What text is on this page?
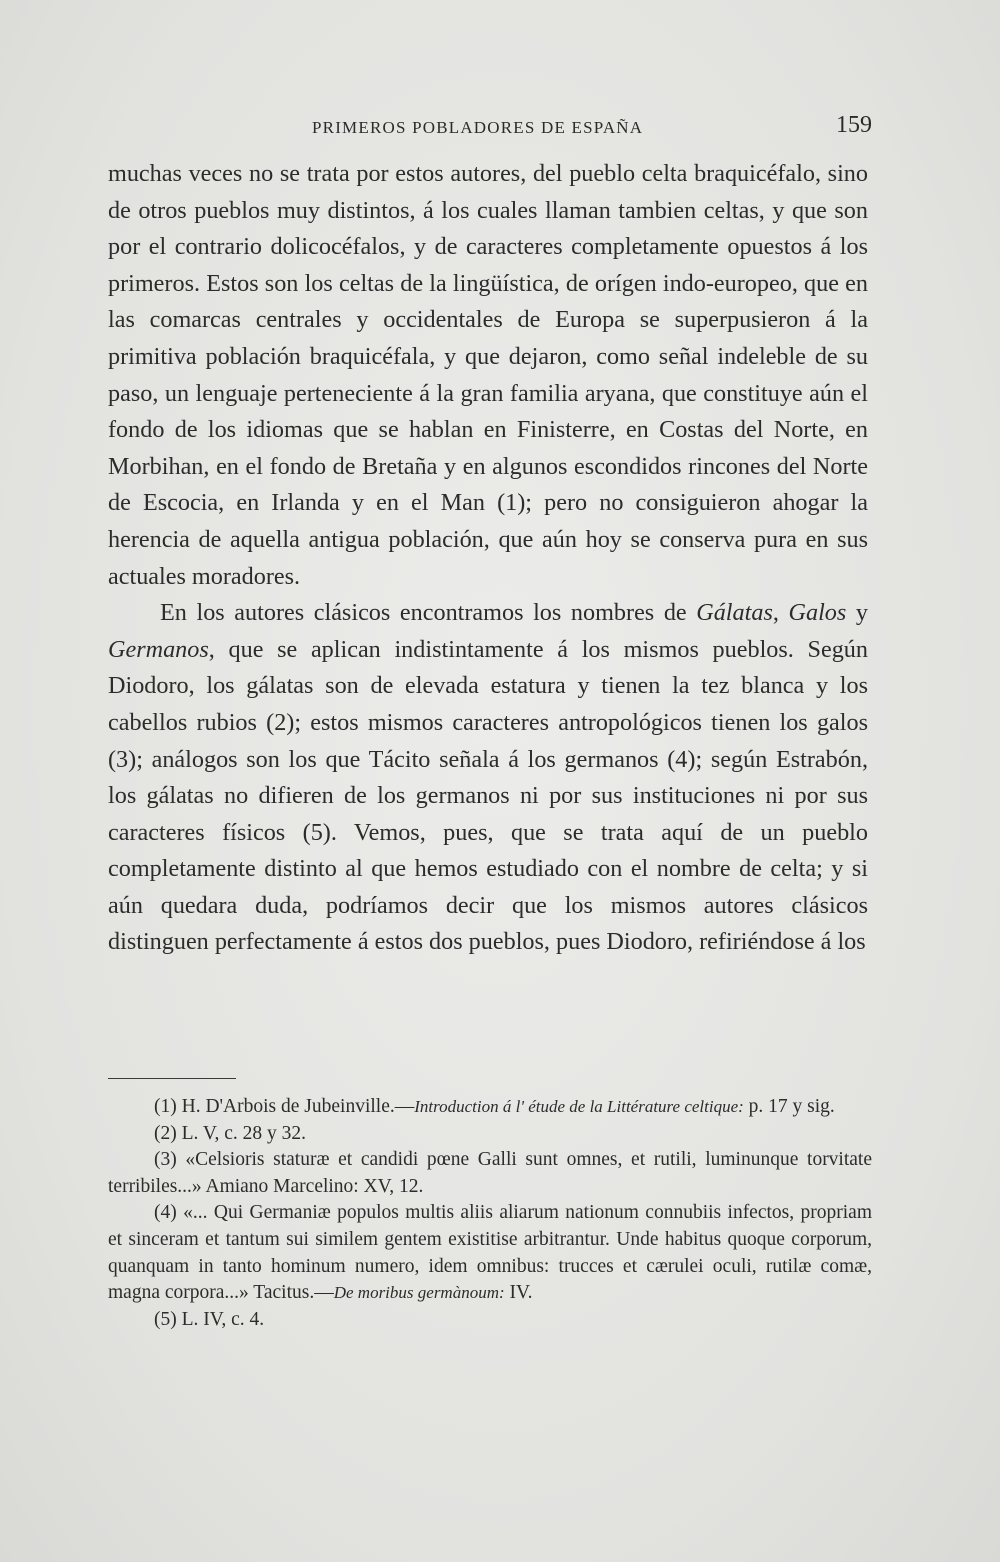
PRIMEROS POBLADORES DE ESPAÑA	159

muchas veces no se trata por estos autores, del pueblo celta braquicéfalo, sino de otros pueblos muy distintos, á los cuales llaman tambien celtas, y que son por el contrario dolicocéfalos, y de caracteres completamente opuestos á los primeros. Estos son los celtas de la lingüística, de orígen indo-europeo, que en las comarcas centrales y occidentales de Europa se superpusieron á la primitiva población braquicéfala, y que dejaron, como señal indeleble de su paso, un lenguaje perteneciente á la gran familia aryana, que constituye aún el fondo de los idiomas que se hablan en Finisterre, en Costas del Norte, en Morbihan, en el fondo de Bretaña y en algunos escondidos rincones del Norte de Escocia, en Irlanda y en el Man (1); pero no consiguieron ahogar la herencia de aquella antigua población, que aún hoy se conserva pura en sus actuales moradores.

En los autores clásicos encontramos los nombres de Gálatas, Galos y Germanos, que se aplican indistintamente á los mismos pueblos. Según Diodoro, los gálatas son de elevada estatura y tienen la tez blanca y los cabellos rubios (2); estos mismos caracteres antropológicos tienen los galos (3); análogos son los que Tácito señala á los germanos (4); según Estrabón, los gálatas no difieren de los germanos ni por sus instituciones ni por sus caracteres físicos (5). Vemos, pues, que se trata aquí de un pueblo completamente distinto al que hemos estudiado con el nombre de celta; y si aún quedara duda, podríamos decir que los mismos autores clásicos distinguen perfectamente á estos dos pueblos, pues Diodoro, refiriéndose á los

(1) H. D'Arbois de Jubeinville.—Introduction á l' étude de la Littérature celtique: p. 17 y sig.

(2) L. V, c. 28 y 32.

(3) «Celsioris staturæ et candidi pœne Galli sunt omnes, et rutili, luminunque torvitate terribiles...» Amiano Marcelino: XV, 12.

(4) «... Qui Germaniæ populos multis aliis aliarum nationum connubiis infectos, propriam et sinceram et tantum sui similem gentem existitise arbitrantur. Unde habitus quoque corporum, quanquam in tanto hominum numero, idem omnibus: trucces et cærulei oculi, rutilæ comæ, magna corpora...» Tacitus.—De moribus germànoum: IV.

(5) L. IV, c. 4.
